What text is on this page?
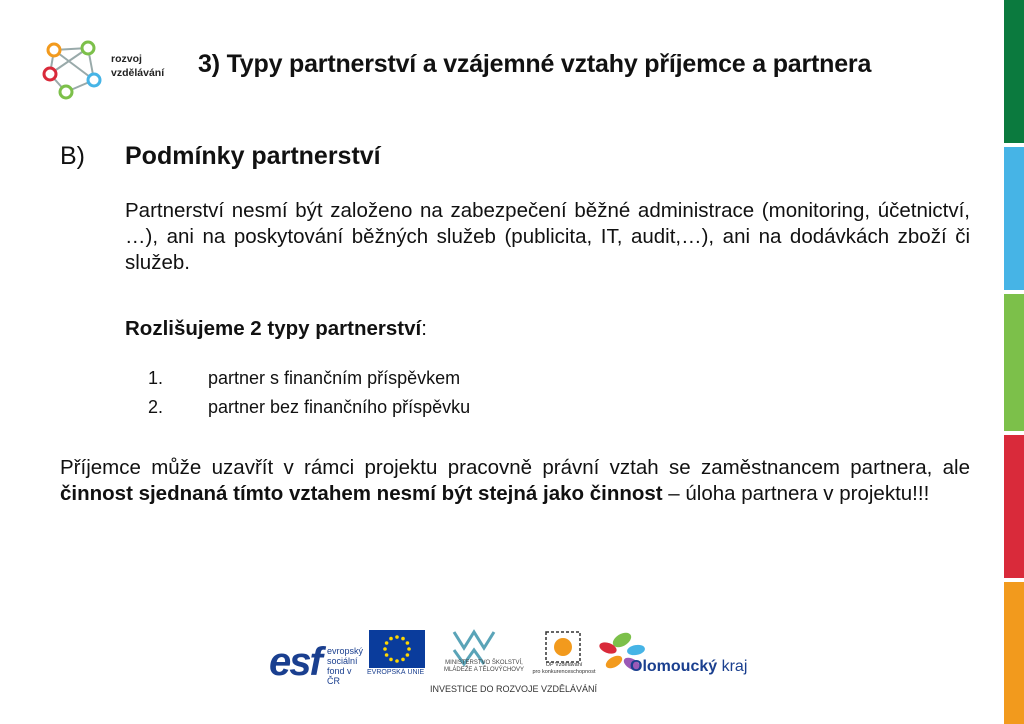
rozvoj
vzdělávání 3) Typy partnerství a vzájemné vztahy příjemce a partnera
B) Podmínky partnerství
Partnerství nesmí být založeno na zabezpečení běžné administrace (monitoring, účetnictví, …), ani na poskytování běžných služeb (publicita, IT, audit,…), ani na dodávkách zboží či služeb.
Rozlišujeme 2 typy partnerství:
1.	partner s finančním příspěvkem
2.	partner bez finančního příspěvku
Příjemce může uzavřít v rámci projektu pracovně právní vztah se zaměstnancem partnera, ale činnost sjednaná tímto vztahem nesmí být stejná jako činnost – úloha partnera v projektu!!!
esf evropský
sociální
fond v ČR
EVROPSKÁ UNIE
MINISTERSTVO ŠKOLSTVÍ,
MLÁDEŽE A TĚLOVÝCHOVY
OP Vzdělávání
pro konkurenceschopnost Olomoucký kraj
INVESTICE DO ROZVOJE VZDĚLÁVÁNÍ
